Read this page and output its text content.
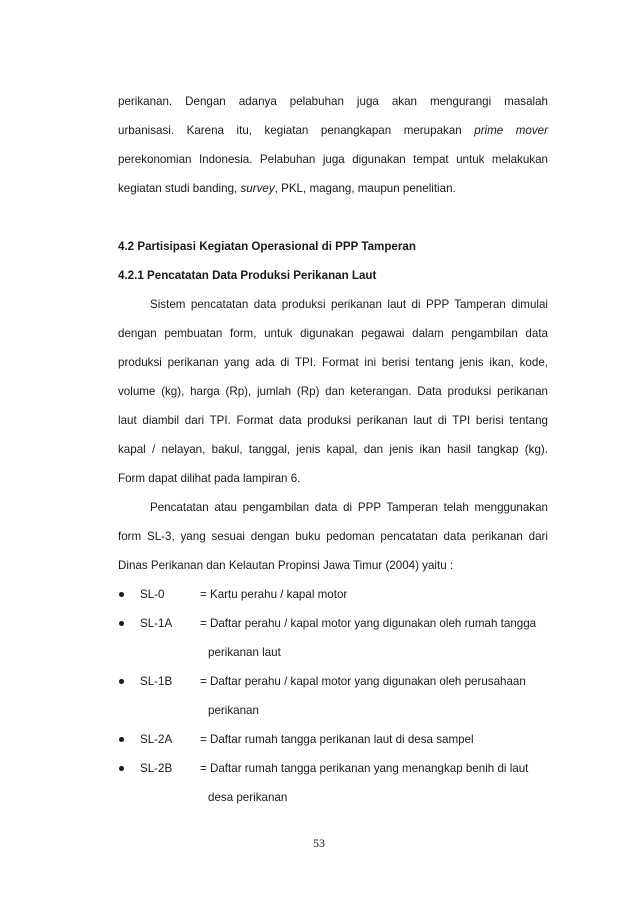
perikanan. Dengan adanya pelabuhan juga akan mengurangi masalah
urbanisasi. Karena itu, kegiatan penangkapan merupakan prime mover
perekonomian Indonesia. Pelabuhan juga digunakan tempat untuk melakukan
kegiatan studi banding, survey, PKL, magang, maupun penelitian.
4.2 Partisipasi Kegiatan Operasional di PPP Tamperan
4.2.1 Pencatatan Data Produksi Perikanan Laut
Sistem pencatatan data produksi perikanan laut di PPP Tamperan dimulai
dengan pembuatan form, untuk digunakan pegawai dalam pengambilan data
produksi perikanan yang ada di TPI. Format ini berisi tentang jenis ikan, kode,
volume (kg), harga (Rp), jumlah (Rp) dan keterangan. Data produksi perikanan
laut diambil dari TPI. Format data produksi perikanan laut di TPI berisi tentang
kapal / nelayan, bakul, tanggal, jenis kapal, dan jenis ikan hasil tangkap (kg).
Form dapat dilihat pada lampiran 6.
Pencatatan atau pengambilan data di PPP Tamperan telah menggunakan
form SL-3, yang sesuai dengan buku pedoman pencatatan data perikanan dari
Dinas Perikanan dan Kelautan Propinsi Jawa Timur (2004) yaitu :
SL-0	= Kartu perahu / kapal motor
SL-1A = Daftar perahu / kapal motor yang digunakan oleh rumah tangga
perikanan laut
SL-1B = Daftar perahu / kapal motor yang digunakan oleh perusahaan
perikanan
SL-2A = Daftar rumah tangga perikanan laut di desa sampel
SL-2B = Daftar rumah tangga perikanan yang menangkap benih di laut
desa perikanan
53
